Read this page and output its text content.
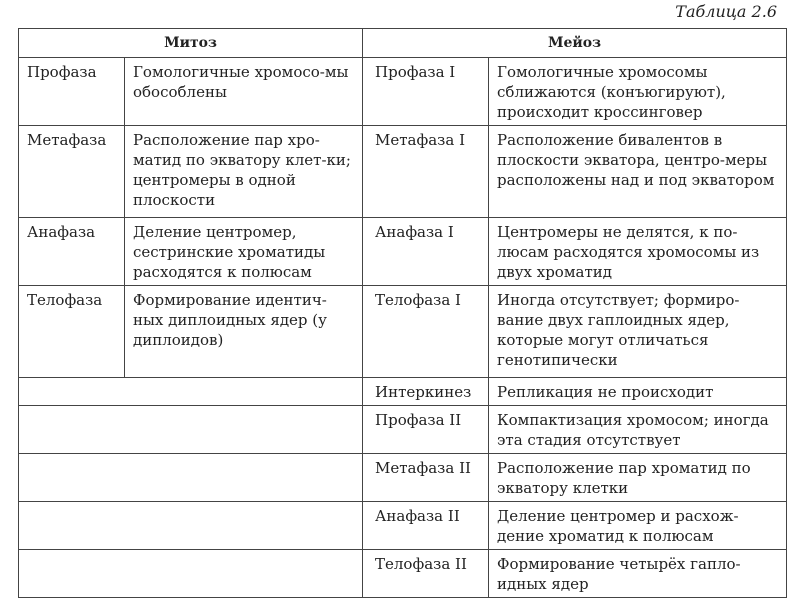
Таблица 2.6
Митоз		Мейоз	
Профаза	Гомологичные хромосо-мы обособлены	Профаза I	Гомологичные хромосомы сближаются (конъюгируют), происходит кроссинговер
Метафаза	Расположение пар хро-матид по экватору клет-ки; центромеры в одной плоскости	Метафаза I	Расположение бивалентов в плоскости экватора, центро-меры расположены над и под экватором
Анафаза	Деление центромер, сестринские хроматиды расходятся к полюсам	Анафаза I	Центромеры не делятся, к по-люсам расходятся хромосомы из двух хроматид
Телофаза	Формирование идентич-ных диплоидных ядер (у диплоидов)	Телофаза I	Иногда отсутствует; формиро-вание двух гаплоидных ядер, которые могут отличаться генотипически
		Интеркинез	Репликация не происходит
		Профаза II	Компактизация хромосом; иногда эта стадия отсутствует
		Метафаза II	Расположение пар хроматид по экватору клетки
		Анафаза II	Деление центромер и расхож-дение хроматид к полюсам
		Телофаза II	Формирование четырёх гапло-идных ядер
